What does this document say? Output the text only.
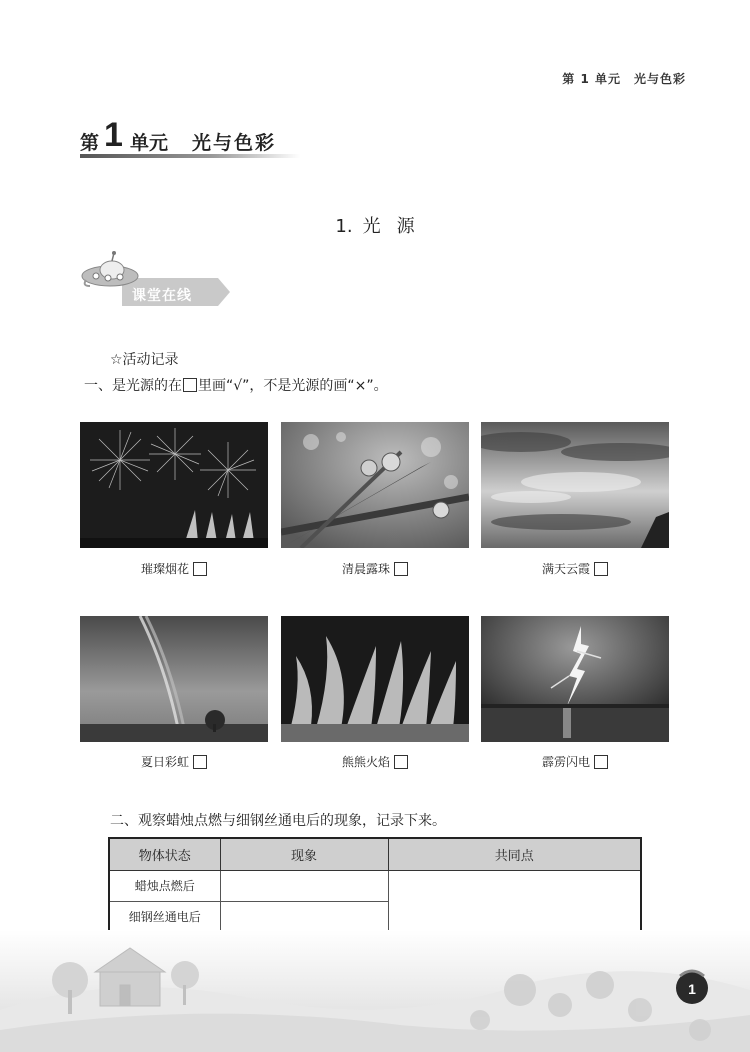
第 1 单元　光与色彩
第 1 单元 光与色彩
1. 光 源
课堂在线
☆活动记录
一、是光源的在 里画“√”，不是光源的画“×”。
璀璨烟花	清晨露珠	满天云霞
夏日彩虹	熊熊火焰	霹雳闪电
二、观察蜡烛点燃与细钢丝通电后的现象，记录下来。
物体状态	现象	共同点
蜡烛点燃后		
细钢丝通电后		
1
